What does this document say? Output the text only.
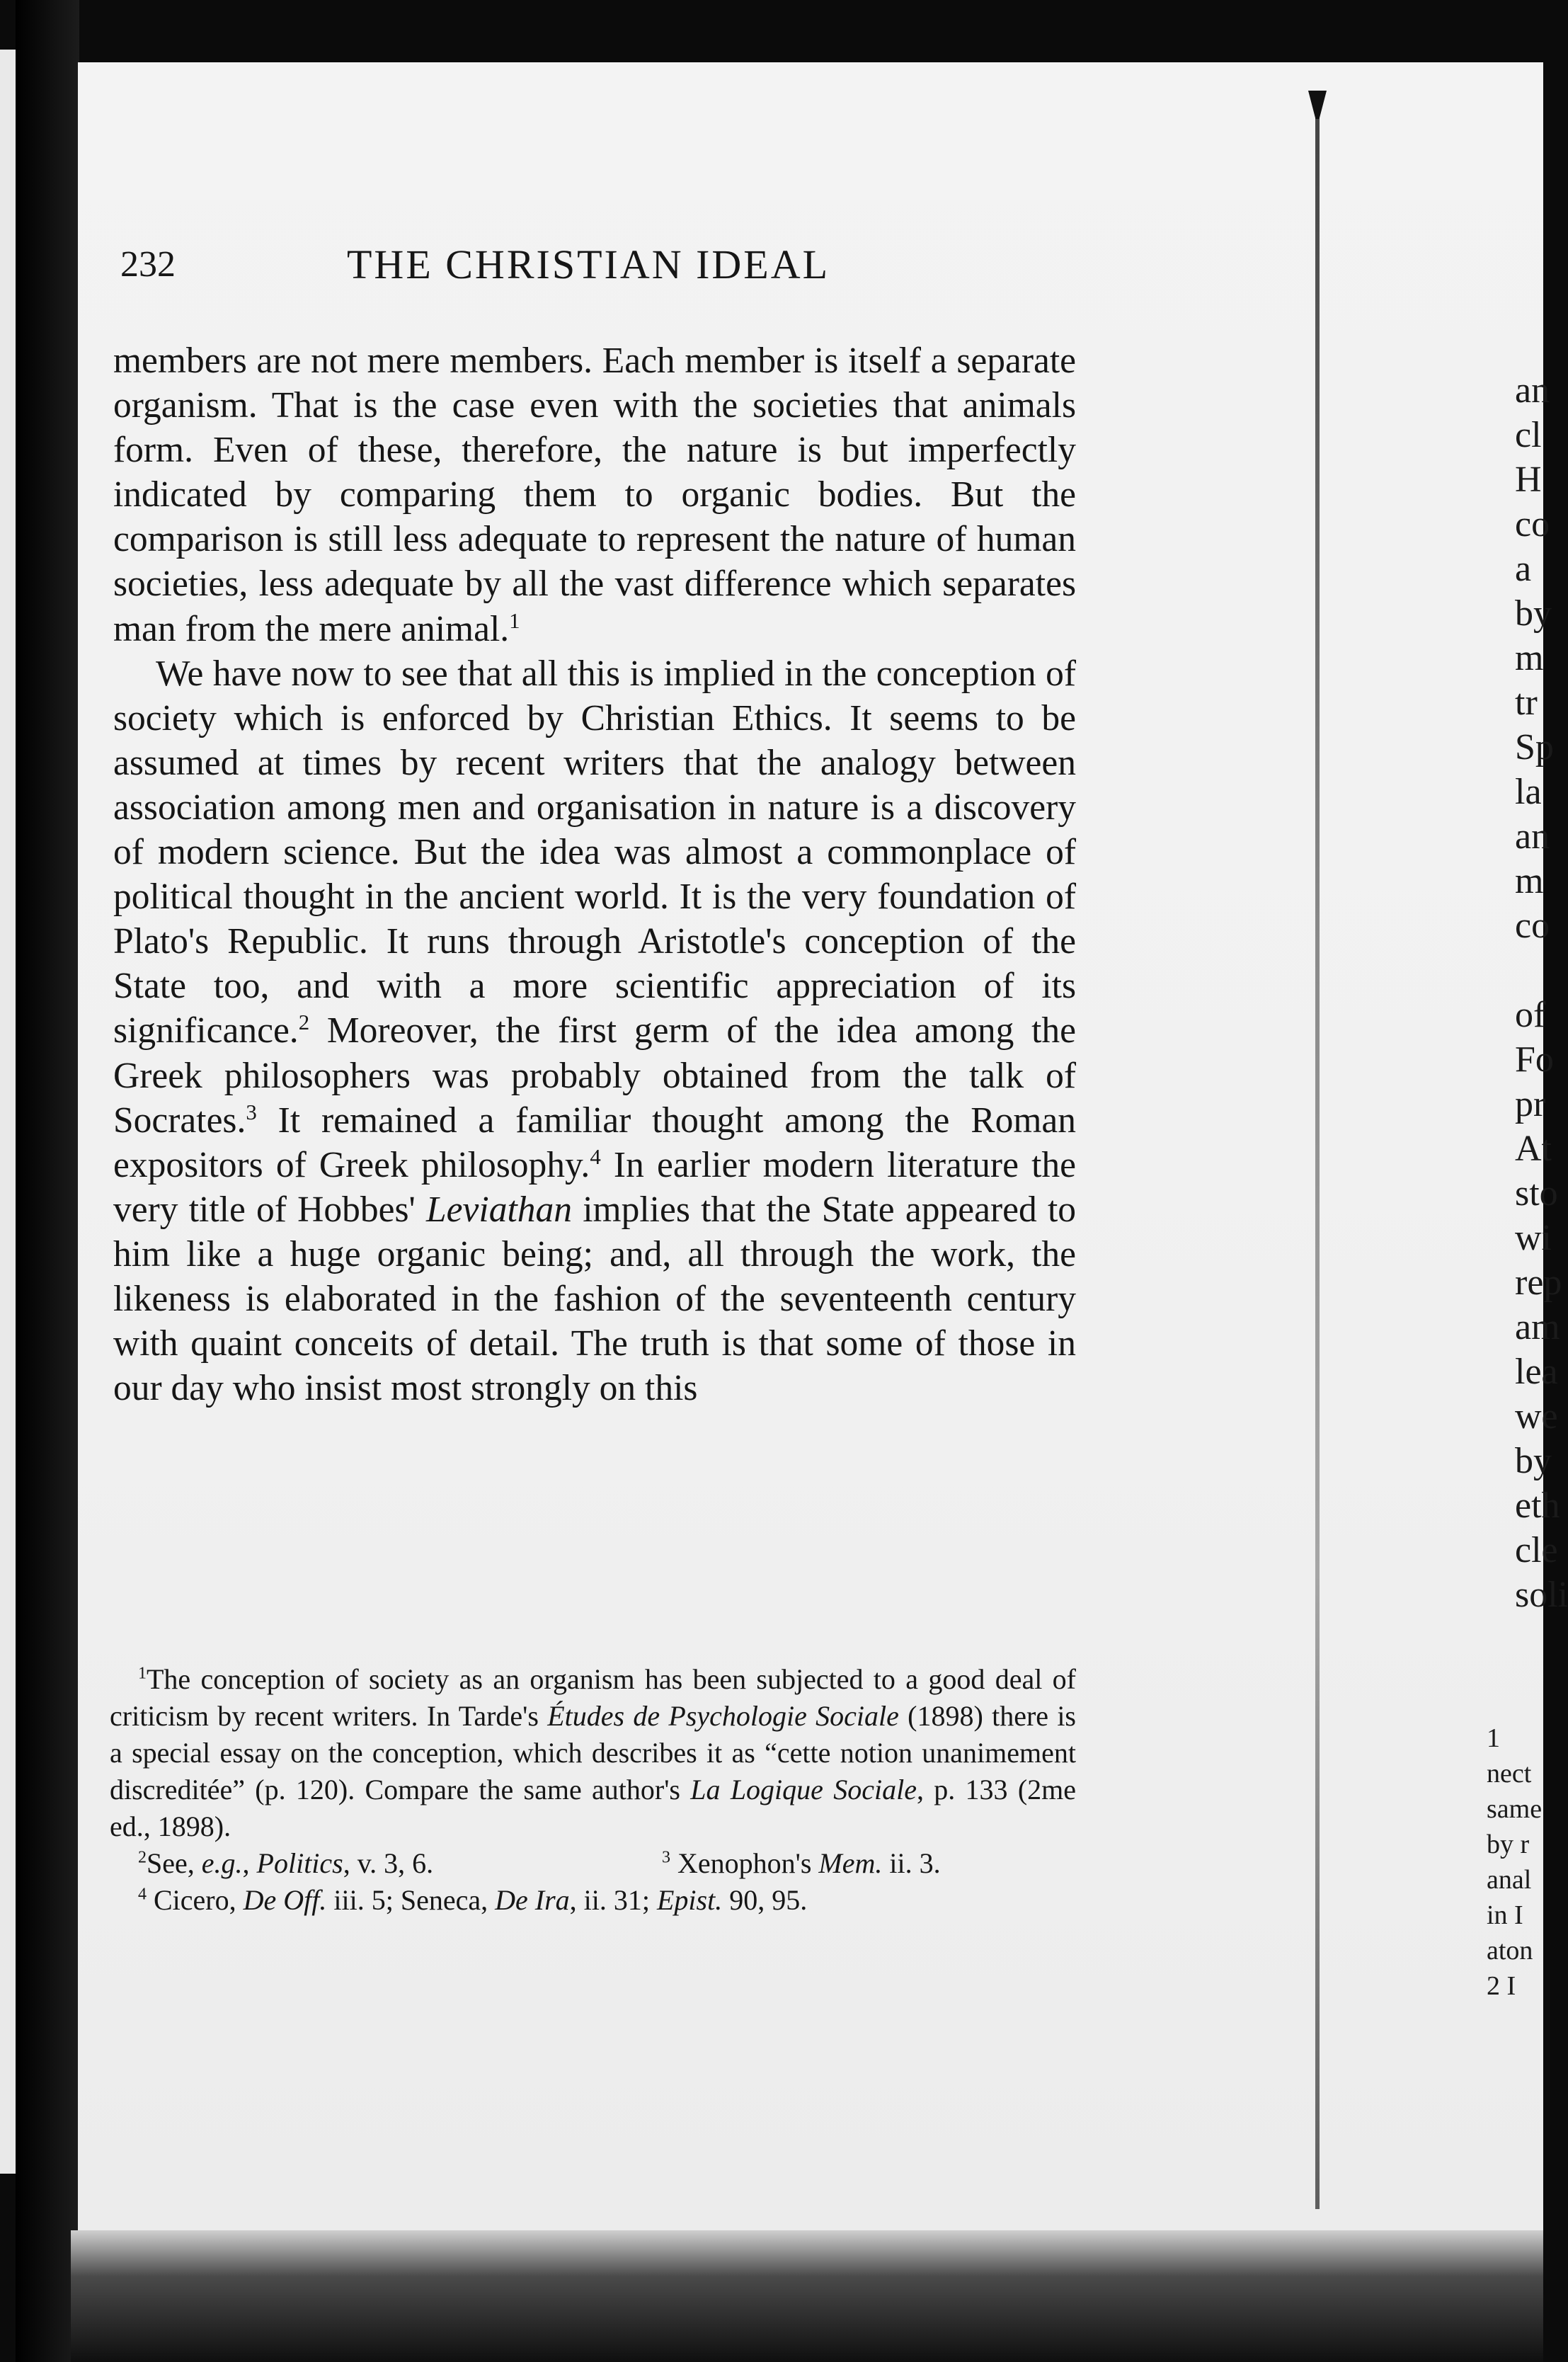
232	THE CHRISTIAN IDEAL

members are not mere members. Each member is itself a separate organism. That is the case even with the societies that animals form. Even of these, therefore, the nature is but imperfectly indicated by comparing them to organic bodies. But the comparison is still less adequate to represent the nature of human societies, less adequate by all the vast difference which separates man from the mere animal.$^1$

We have now to see that all this is implied in the conception of society which is enforced by Christian Ethics. It seems to be assumed at times by recent writers that the analogy between association among men and organisation in nature is a discovery of modern science. But the idea was almost a commonplace of political thought in the ancient world. It is the very foundation of Plato's Republic. It runs through Aristotle's conception of the State too, and with a more scientific appreciation of its significance.$^2$ Moreover, the first germ of the idea among the Greek philosophers was probably obtained from the talk of Socrates.$^3$ It remained a familiar thought among the Roman expositors of Greek philosophy.$^4$ In earlier modern literature the very title of Hobbes' Leviathan implies that the State appeared to him like a huge organic being; and, all through the work, the likeness is elaborated in the fashion of the seventeenth century with quaint conceits of detail. The truth is that some of those in our day who insist most strongly on this

$^1$The conception of society as an organism has been subjected to a good deal of criticism by recent writers. In Tarde's Études de Psychologie Sociale (1898) there is a special essay on the conception, which describes it as “cette notion unanimement discreditée” (p. 120). Compare the same author's La Logique Sociale, p. 133 (2me ed., 1898).

$^2$See, e.g., Politics, v. 3, 6.	$^3$ Xenophon's Mem. ii. 3.

$^4$ Cicero, De Off. iii. 5; Seneca, De Ira, ii. 31; Epist. 90, 95.

an
cl
H
co
a
by
m
tr
Sp
la
an
m
co

of
Fo
pr
At
sto
wi
rep
am
lea
we
by
eth
cle
soli
1
nect
same
by r
anal
in I
aton
2 I
